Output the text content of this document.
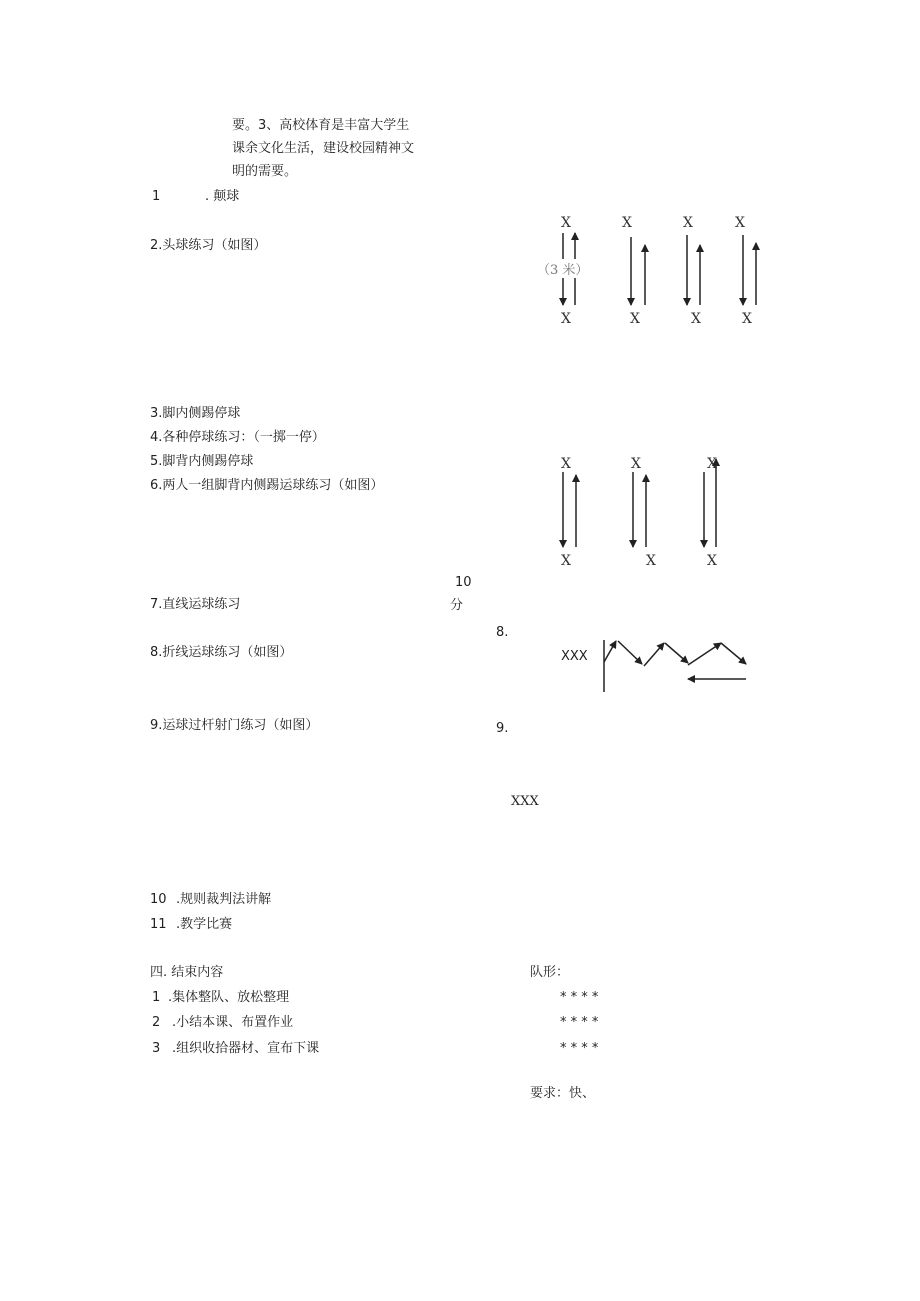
要。3、高校体育是丰富大学生
课余文化生活，建设校园精神文
明的需要。
1	. 颠球
2.头球练习（如图）
3.脚内侧踢停球
4.各种停球练习：（一掷一停）
5.脚背内侧踢停球
6.两人一组脚背内侧踢运球练习（如图）
7.直线运球练习
8.折线运球练习（如图）
9.运球过杆射门练习（如图）
10 .规则裁判法讲解
11 .教学比赛
10
分
8.
9.
XXX
XXX
X	X	X	X
X	X	X	X
（3 米）
X	X	X
X	X	X
四. 结束内容
1 .集体整队、放松整理
2 .小结本课、布置作业
3 .组织收拾器材、宣布下课
队形：
* * * *
* * * *
* * * *
要求：快、
